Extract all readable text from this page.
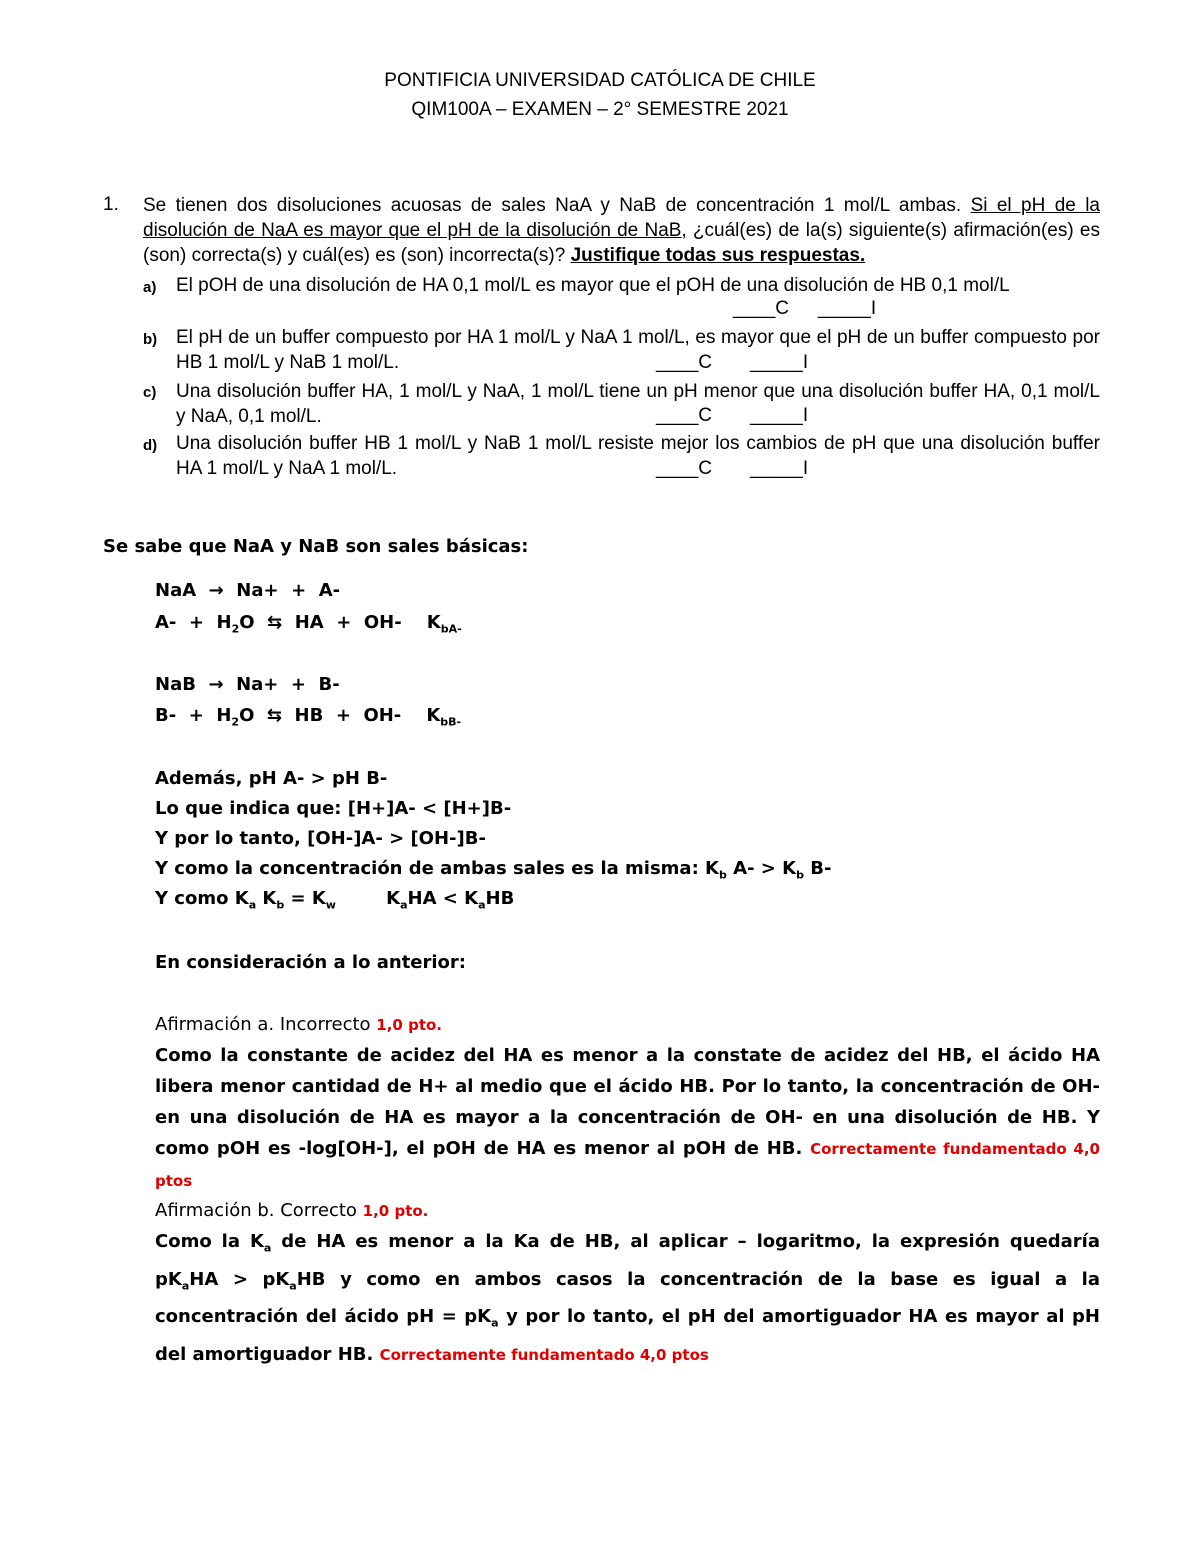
PONTIFICIA UNIVERSIDAD CATÓLICA DE CHILE
QIM100A – EXAMEN – 2° SEMESTRE 2021
1. Se tienen dos disoluciones acuosas de sales NaA y NaB de concentración 1 mol/L ambas. Si el pH de la disolución de NaA es mayor que el pH de la disolución de NaB, ¿cuál(es) de la(s) siguiente(s) afirmación(es) es (son) correcta(s) y cuál(es) es (son) incorrecta(s)? Justifique todas sus respuestas.
a) El pOH de una disolución de HA 0,1 mol/L es mayor que el pOH de una disolución de HB 0,1 mol/L
____C _____I
b) El pH de un buffer compuesto por HA 1 mol/L y NaA 1 mol/L, es mayor que el pH de un buffer compuesto por HB 1 mol/L y NaB 1 mol/L.	____C _____I
c) Una disolución buffer HA, 1 mol/L y NaA, 1 mol/L tiene un pH menor que una disolución buffer HA, 0,1 mol/L y NaA, 0,1 mol/L.	____C _____I
d) Una disolución buffer HB 1 mol/L y NaB 1 mol/L resiste mejor los cambios de pH que una disolución buffer HA 1 mol/L y NaA 1 mol/L.	____C _____I
Se sabe que NaA y NaB son sales básicas:
NaA  →  Na+  +  A-
$A- + H_2O$  ⇆  HA  +  OH-    $K_{bA-}$
NaB  →  Na+  +  B-
$B- + H_2O$  ⇆  HB  +  OH-    $K_{bB-}$
Además, pH A- > pH B-
Lo que indica que: [H+]A- < [H+]B-
Y por lo tanto, [OH-]A- > [OH-]B-
Y como la concentración de ambas sales es la misma: $K_b$ $A- > K_b$ B-
Y como $K_a$ $K_b = K_w$        $K_aHA < K_aHB$
En consideración a lo anterior:
Afirmación a. Incorrecto 1,0 pto.
Como la constante de acidez del HA es menor a la constate de acidez del HB, el ácido HA libera menor cantidad de H+ al medio que el ácido HB. Por lo tanto, la concentración de OH- en una disolución de HA es mayor a la concentración de OH- en una disolución de HB. Y como pOH es -log[OH-], el pOH de HA es menor al pOH de HB. Correctamente fundamentado 4,0 ptos
Afirmación b. Correcto 1,0 pto.
Como la $K_a$ de HA es menor a la Ka de HB, al aplicar – logaritmo, la expresión quedaría $pK_aHA > pK_aHB$ y como en ambos casos la concentración de la base es igual a la concentración del ácido pH = $pK_a$ y por lo tanto, el pH del amortiguador HA es mayor al pH del amortiguador HB. Correctamente fundamentado 4,0 ptos
